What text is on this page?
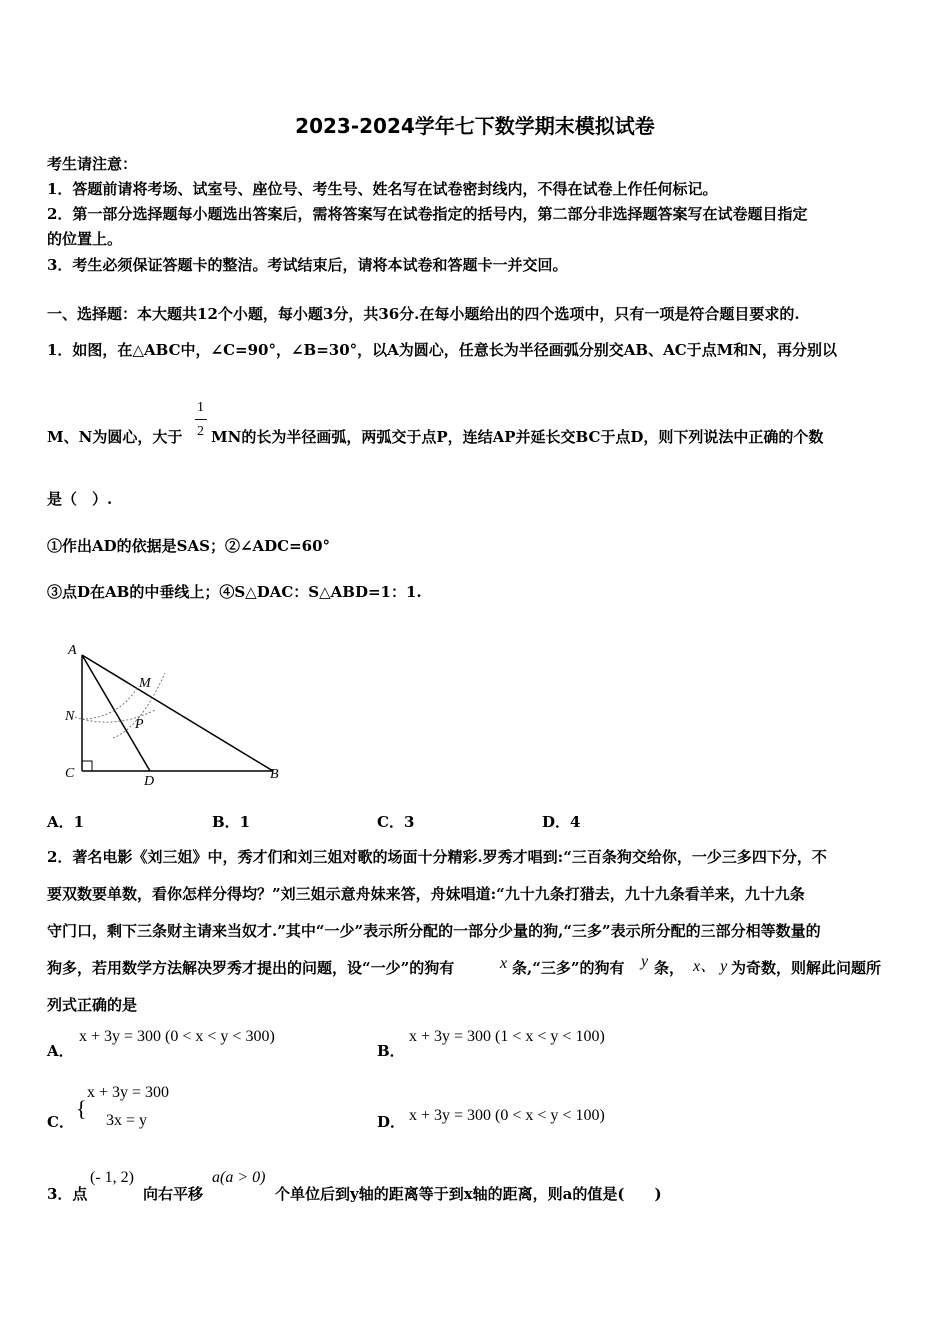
2023-2024学年七下数学期末模拟试卷
考生请注意：
1．答题前请将考场、试室号、座位号、考生号、姓名写在试卷密封线内，不得在试卷上作任何标记。
2．第一部分选择题每小题选出答案后，需将答案写在试卷指定的括号内，第二部分非选择题答案写在试卷题目指定
的位置上。
3．考生必须保证答题卡的整洁。考试结束后，请将本试卷和答题卡一并交回。
一、选择题：本大题共12个小题，每小题3分，共36分.在每小题给出的四个选项中，只有一项是符合题目要求的.
1．如图，在△ABC中，∠C=90°，∠B=30°，以A为圆心，任意长为半径画弧分别交AB、AC于点M和N，再分别以
M、N为圆心，大于
1
2 MN的长为半径画弧，两弧交于点P，连结AP并延长交BC于点D，则下列说法中正确的个数
是（　）.
①作出AD的依据是SAS；②∠ADC=60°
③点D在AB的中垂线上；④S△DAC：S△ABD=1：1.
A
M
N
P
C
D	B
A．1	B．1	C．3	D．4
2．著名电影《刘三姐》中，秀才们和刘三姐对歌的场面十分精彩.罗秀才唱到:“三百条狗交给你，一少三多四下分，不
要双数要单数，看你怎样分得均？”刘三姐示意舟妹来答，舟妹唱道:“九十九条打猎去，九十九条看羊来，九十九条
守门口，剩下三条财主请来当奴才.”其中“一少”表示所分配的一部分少量的狗,“三多”表示所分配的三部分相等数量的
狗多，若用数学方法解决罗秀才提出的问题，设“一少”的狗有	x 条,“三多”的狗有 y 条， x、 y 为奇数，则解此问题所
列式正确的是
A．
x + 3y = 300 (0 < x < y < 300)
B．
x + 3y = 300 (1 < x < y < 100)
C．
{
x + 3y = 300
3x = y	D． x + 3y = 300 (0 < x < y < 100)
3．点
(- 1, 2)
向右平移
a(a > 0)
个单位后到y轴的距离等于到x轴的距离，则a的值是(　　)
